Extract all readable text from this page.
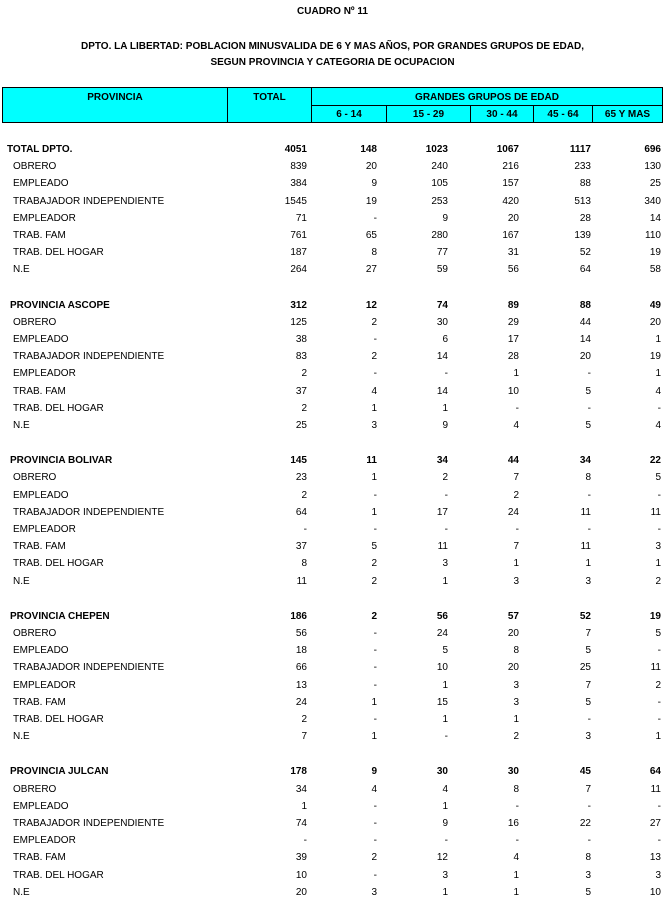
CUADRO Nº 11
DPTO. LA LIBERTAD: POBLACION MINUSVALIDA DE 6 Y MAS AÑOS, POR GRANDES GRUPOS DE EDAD,
SEGUN PROVINCIA Y CATEGORIA DE OCUPACION
PROVINCIA	TOTAL	GRANDES GRUPOS DE EDAD
6 - 14	15 - 29	30 - 44	45 - 64	65 Y MAS
TOTAL DPTO.	4051	148	1023	1067	1117	696
OBRERO	839	20	240	216	233	130
EMPLEADO	384	9	105	157	88	25
TRABAJADOR INDEPENDIENTE	1545	19	253	420	513	340
EMPLEADOR	71	-	9	20	28	14
TRAB. FAM	761	65	280	167	139	110
TRAB. DEL HOGAR	187	8	77	31	52	19
N.E	264	27	59	56	64	58
PROVINCIA ASCOPE	312	12	74	89	88	49
OBRERO	125	2	30	29	44	20
EMPLEADO	38	-	6	17	14	1
TRABAJADOR INDEPENDIENTE	83	2	14	28	20	19
EMPLEADOR	2	-	-	1	-	1
TRAB. FAM	37	4	14	10	5	4
TRAB. DEL HOGAR	2	1	1	-	-	-
N.E	25	3	9	4	5	4
PROVINCIA BOLIVAR	145	11	34	44	34	22
OBRERO	23	1	2	7	8	5
EMPLEADO	2	-	-	2	-	-
TRABAJADOR INDEPENDIENTE	64	1	17	24	11	11
EMPLEADOR	-	-	-	-	-	-
TRAB. FAM	37	5	11	7	11	3
TRAB. DEL HOGAR	8	2	3	1	1	1
N.E	11	2	1	3	3	2
PROVINCIA CHEPEN	186	2	56	57	52	19
OBRERO	56	-	24	20	7	5
EMPLEADO	18	-	5	8	5	-
TRABAJADOR INDEPENDIENTE	66	-	10	20	25	11
EMPLEADOR	13	-	1	3	7	2
TRAB. FAM	24	1	15	3	5	-
TRAB. DEL HOGAR	2	-	1	1	-	-
N.E	7	1	-	2	3	1
PROVINCIA JULCAN	178	9	30	30	45	64
OBRERO	34	4	4	8	7	11
EMPLEADO	1	-	1	-	-	-
TRABAJADOR INDEPENDIENTE	74	-	9	16	22	27
EMPLEADOR	-	-	-	-	-	-
TRAB. FAM	39	2	12	4	8	13
TRAB. DEL HOGAR	10	-	3	1	3	3
N.E	20	3	1	1	5	10
